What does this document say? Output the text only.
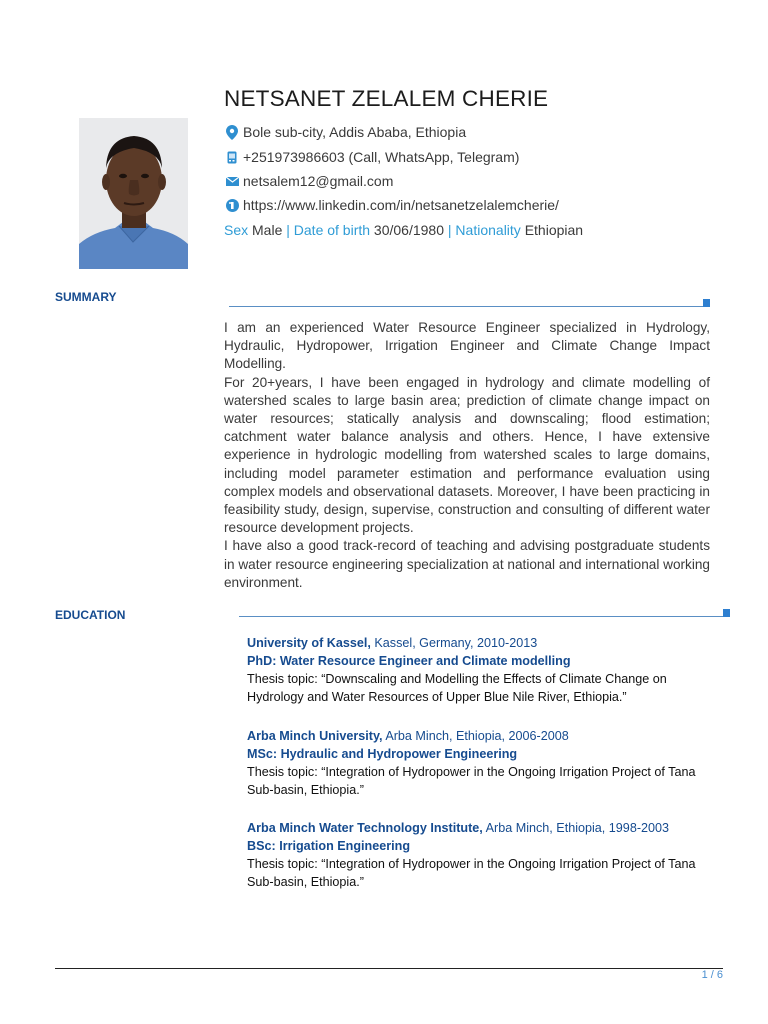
NETSANET ZELALEM CHERIE
Bole sub-city, Addis Ababa, Ethiopia
+251973986603 (Call, WhatsApp, Telegram)
netsalem12@gmail.com
https://www.linkedin.com/in/netsanetzelalemcherie/
Sex Male | Date of birth 30/06/1980 | Nationality Ethiopian
SUMMARY

I am an experienced Water Resource Engineer specialized in Hydrology, Hydraulic, Hydropower, Irrigation Engineer and Climate Change Impact Modelling.

For 20+years, I have been engaged in hydrology and climate modelling of watershed scales to large basin area; prediction of climate change impact on water resources; statically analysis and downscaling; flood estimation; catchment water balance analysis and others. Hence, I have extensive experience in hydrologic modelling from watershed scales to large domains, including model parameter estimation and performance evaluation using complex models and observational datasets. Moreover, I have been practicing in feasibility study, design, supervise, construction and consulting of different water resource development projects.

I have also a good track-record of teaching and advising postgraduate students in water resource engineering specialization at national and international working environment.

EDUCATION
University of Kassel, Kassel, Germany, 2010-2013
PhD: Water Resource Engineer and Climate modelling
Thesis topic: “Downscaling and Modelling the Effects of Climate Change on Hydrology and Water Resources of Upper Blue Nile River, Ethiopia.”
Arba Minch University, Arba Minch, Ethiopia, 2006-2008
MSc: Hydraulic and Hydropower Engineering
Thesis topic: “Integration of Hydropower in the Ongoing Irrigation Project of Tana Sub-basin, Ethiopia.”
Arba Minch Water Technology Institute, Arba Minch, Ethiopia, 1998-2003
BSc: Irrigation Engineering
Thesis topic: “Integration of Hydropower in the Ongoing Irrigation Project of Tana Sub-basin, Ethiopia.”
1 / 6
